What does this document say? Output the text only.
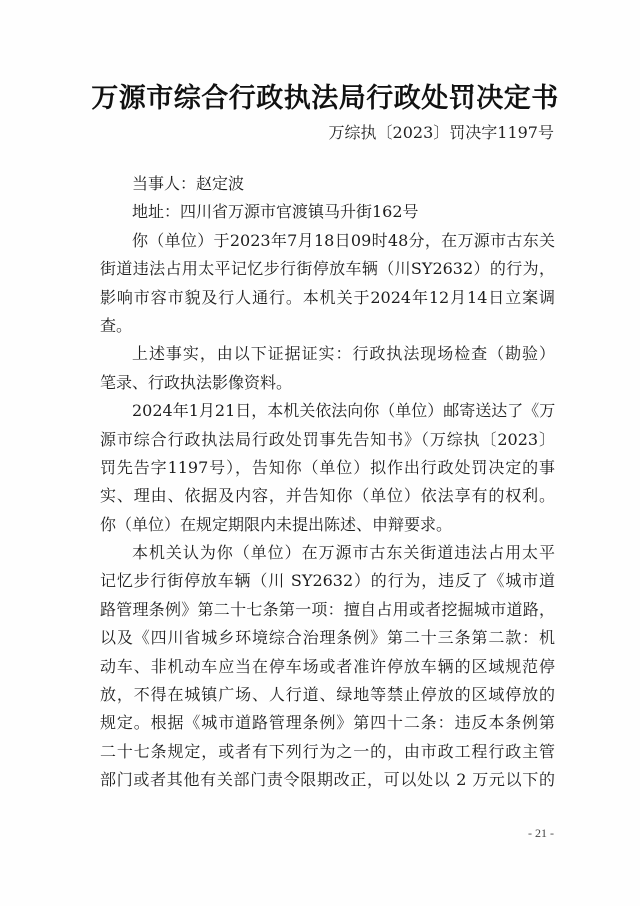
万源市综合行政执法局行政处罚决定书
万综执〔2023〕罚决字1197号
当事人：赵定波
地址：四川省万源市官渡镇马升街162号

你（单位）于2023年7月18日09时48分，在万源市古东关
街道违法占用太平记忆步行街停放车辆（川SY2632）的行为，
影响市容市貌及行人通行。本机关于2024年12月14日立案调
查。

上述事实，由以下证据证实：行政执法现场检查（勘验）
笔录、行政执法影像资料。

2024年1月21日，本机关依法向你（单位）邮寄送达了《万
源市综合行政执法局行政处罚事先告知书》（万综执〔2023〕
罚先告字1197号），告知你（单位）拟作出行政处罚决定的事
实、理由、依据及内容，并告知你（单位）依法享有的权利。
你（单位）在规定期限内未提出陈述、申辩要求。

本机关认为你（单位）在万源市古东关街道违法占用太平
记忆步行街停放车辆（川 SY2632）的行为，违反了《城市道
路管理条例》第二十七条第一项：擅自占用或者挖掘城市道路，
以及《四川省城乡环境综合治理条例》第二十三条第二款：机
动车、非机动车应当在停车场或者准许停放车辆的区域规范停
放，不得在城镇广场、人行道、绿地等禁止停放的区域停放的
规定。根据《城市道路管理条例》第四十二条：违反本条例第
二十七条规定，或者有下列行为之一的，由市政工程行政主管
部门或者其他有关部门责令限期改正，可以处以 2 万元以下的

- 21 -
